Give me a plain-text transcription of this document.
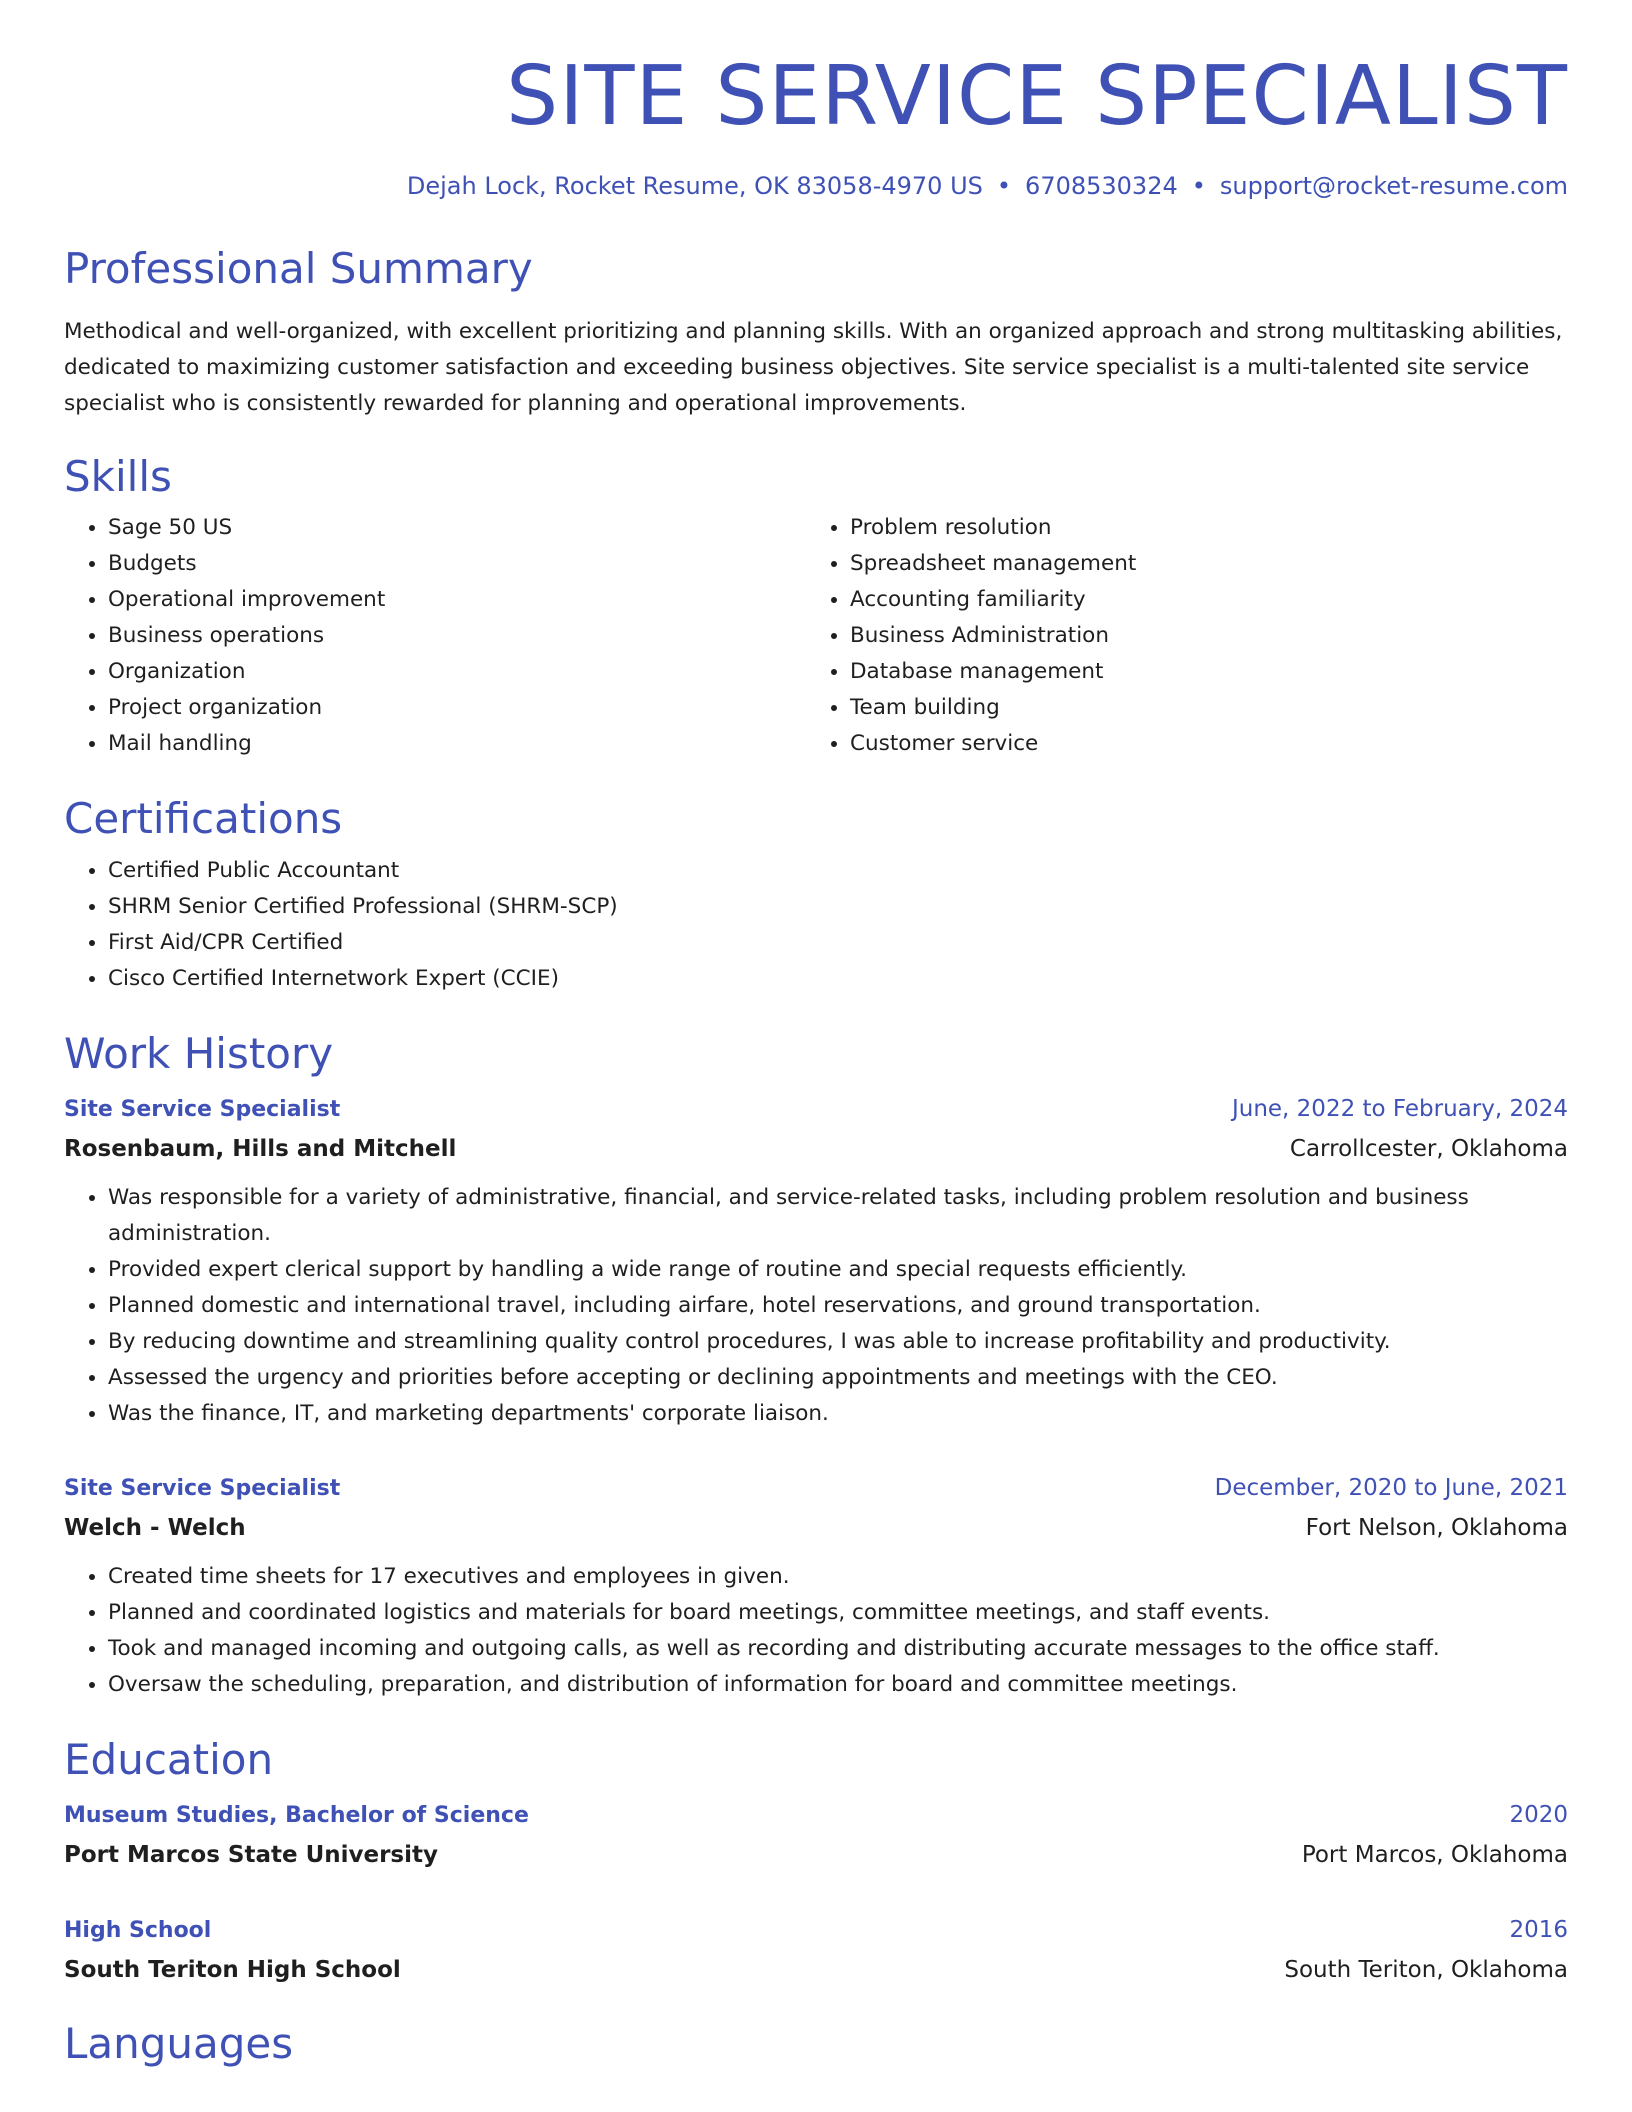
SITE SERVICE SPECIALIST
Dejah Lock, Rocket Resume, OK 83058-4970 US • 6708530324 • support@rocket-resume.com
Professional Summary

Methodical and well-organized, with excellent prioritizing and planning skills. With an organized approach and strong multitasking abilities, dedicated to maximizing customer satisfaction and exceeding business objectives. Site service specialist is a multi-talented site service specialist who is consistently rewarded for planning and operational improvements.

Skills
• Sage 50 US
• Budgets
• Operational improvement
• Business operations
• Organization
• Project organization
• Mail handling
• Problem resolution
• Spreadsheet management
• Accounting familiarity
• Business Administration
• Database management
• Team building
• Customer service
Certifications
• Certified Public Accountant
• SHRM Senior Certified Professional (SHRM-SCP)
• First Aid/CPR Certified
• Cisco Certified Internetwork Expert (CCIE)
Work History
Site Service Specialist	June, 2022 to February, 2024
Rosenbaum, Hills and Mitchell	Carrollcester, Oklahoma
• Was responsible for a variety of administrative, financial, and service-related tasks, including problem resolution and business administration.
• Provided expert clerical support by handling a wide range of routine and special requests efficiently.
• Planned domestic and international travel, including airfare, hotel reservations, and ground transportation.
• By reducing downtime and streamlining quality control procedures, I was able to increase profitability and productivity.
• Assessed the urgency and priorities before accepting or declining appointments and meetings with the CEO.
• Was the finance, IT, and marketing departments' corporate liaison.
Site Service Specialist	December, 2020 to June, 2021
Welch - Welch	Fort Nelson, Oklahoma
• Created time sheets for 17 executives and employees in given.
• Planned and coordinated logistics and materials for board meetings, committee meetings, and staff events.
• Took and managed incoming and outgoing calls, as well as recording and distributing accurate messages to the office staff.
• Oversaw the scheduling, preparation, and distribution of information for board and committee meetings.
Education
Museum Studies, Bachelor of Science	2020
Port Marcos State University	Port Marcos, Oklahoma
High School	2016
South Teriton High School	South Teriton, Oklahoma
Languages
